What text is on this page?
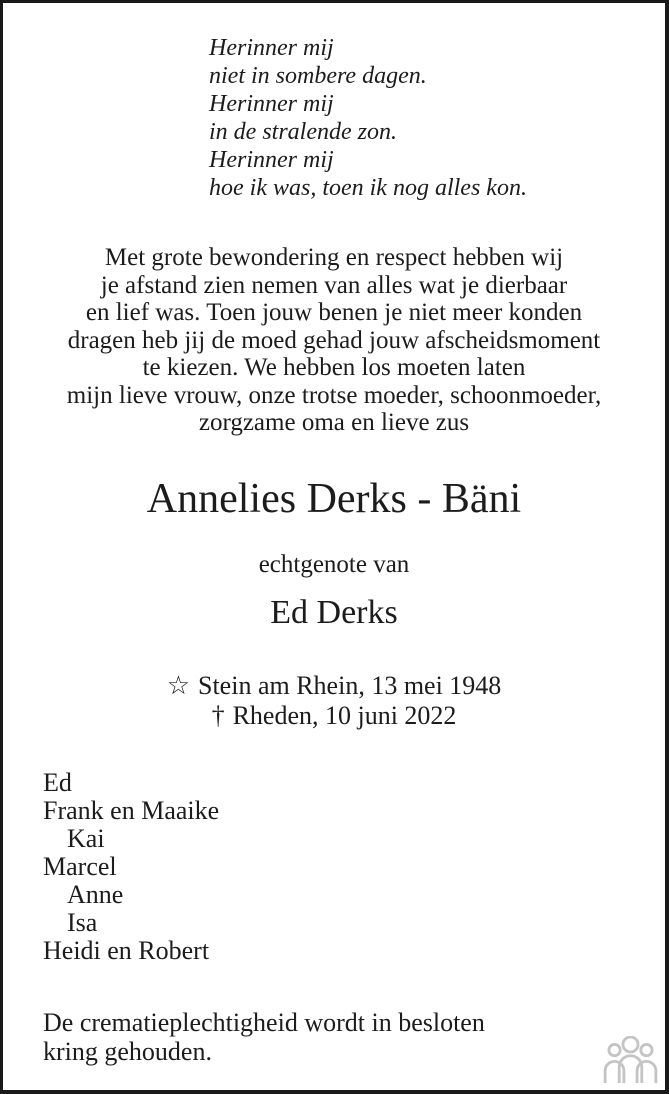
Herinner mij
niet in sombere dagen.
Herinner mij
in de stralende zon.
Herinner mij
hoe ik was, toen ik nog alles kon.
Met grote bewondering en respect hebben wij
je afstand zien nemen van alles wat je dierbaar
en lief was. Toen jouw benen je niet meer konden
dragen heb jij de moed gehad jouw afscheidsmoment
te kiezen. We hebben los moeten laten
mijn lieve vrouw, onze trotse moeder, schoonmoeder,
zorgzame oma en lieve zus
Annelies Derks - Bäni
echtgenote van
Ed Derks
☆ Stein am Rhein, 13 mei 1948
† Rheden, 10 juni 2022
Ed
Frank en Maaike
Kai
Marcel
Anne
Isa
Heidi en Robert
De crematieplechtigheid wordt in besloten
kring gehouden.
